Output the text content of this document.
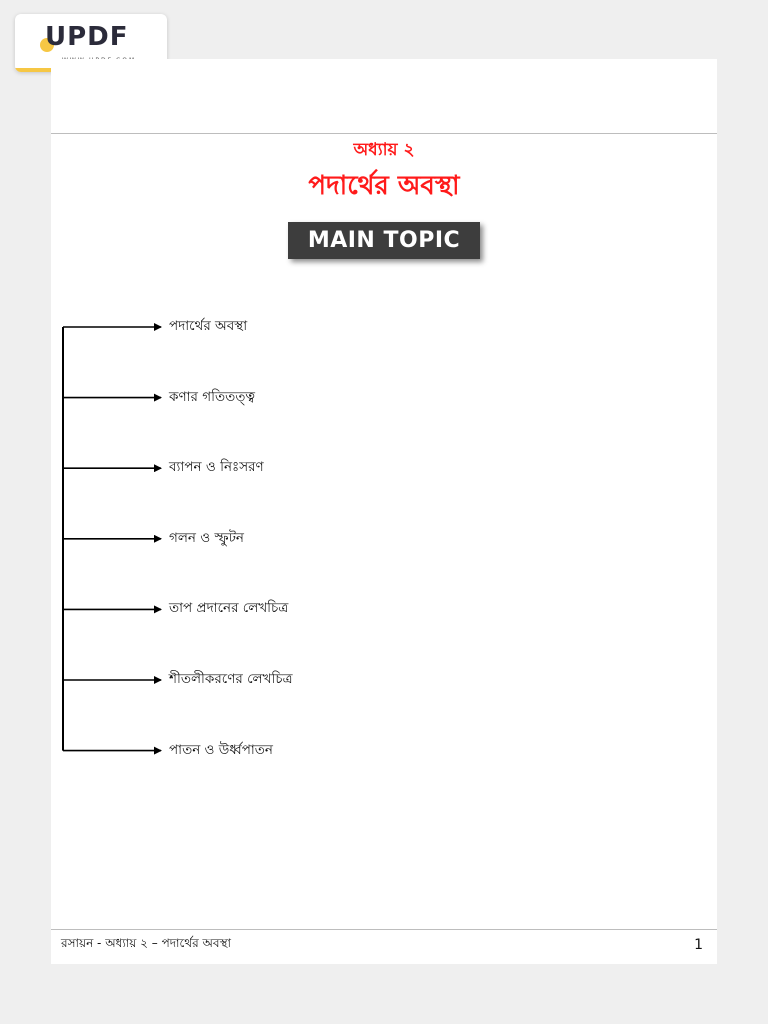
UPDF
অধ্যায় ২
পদার্থের অবস্থা
MAIN TOPIC
পদার্থের অবস্থা
কণার গতিতত্ত্ব
ব্যাপন ও নিঃসরণ
গলন ও স্ফুটন
তাপ প্রদানের লেখচিত্র
শীতলীকরণের লেখচিত্র
পাতন ও উর্ধ্বপাতন
রসায়ন - অধ্যায় ২ – পদার্থের অবস্থা	1
